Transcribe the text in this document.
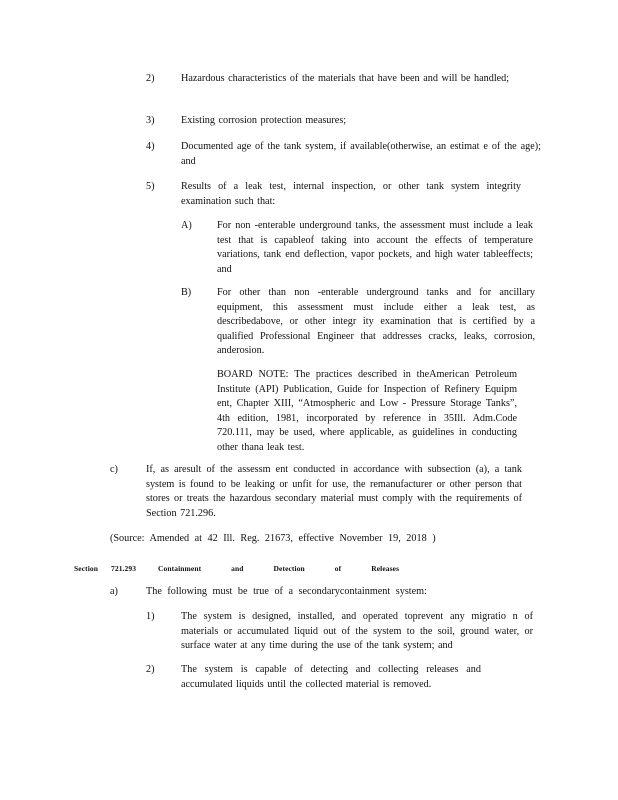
2)	Hazardous characteristics of the materials that have been and will be handled;

3)	Existing corrosion protection measures;

4)	Documented age of the tank system, if available(otherwise, an estimat e of the age); and

5)	Results of a leak test, internal inspection, or other tank system integrity examination such that:

A) For non -enterable underground tanks, the assessment must include a leak test that is capableof taking into account the effects of temperature variations, tank end deflection, vapor pockets, and high water tableeffects; and

B)	For other than non -enterable underground tanks and for ancillary equipment, this assessment must include either a leak test, as describedabove, or other integr ity examination that is certified by a qualified Professional Engineer that addresses cracks, leaks, corrosion, anderosion.

BOARD NOTE: The practices described in theAmerican Petroleum Institute (API) Publication, Guide for Inspection of Refinery Equipm ent, Chapter XIII, “Atmospheric and Low - Pressure Storage Tanks”, 4th edition, 1981, incorporated by reference in 35Ill. Adm.Code 720.111, may be used, where applicable, as guidelines in conducting other thana leak test.

c)	If, as aresult of the assessm ent conducted in accordance with subsection (a), a tank system is found to be leaking or unfit for use, the remanufacturer or other person that stores or treats the hazardous secondary material must comply with the requirements of Section 721.296.

(Source: Amended at 42 Ill. Reg. 21673, effective November 19, 2018 )

Section 721.293	Containment and Detection of Releases
a)	The following must be true of a secondarycontainment system:

1)	The system is designed, installed, and operated toprevent any migratio n of materials or accumulated liquid out of the system to the soil, ground water, or surface water at any time during the use of the tank system; and

2)	The system is capable of detecting and collecting releases and accumulated liquids until the collected material is removed.
